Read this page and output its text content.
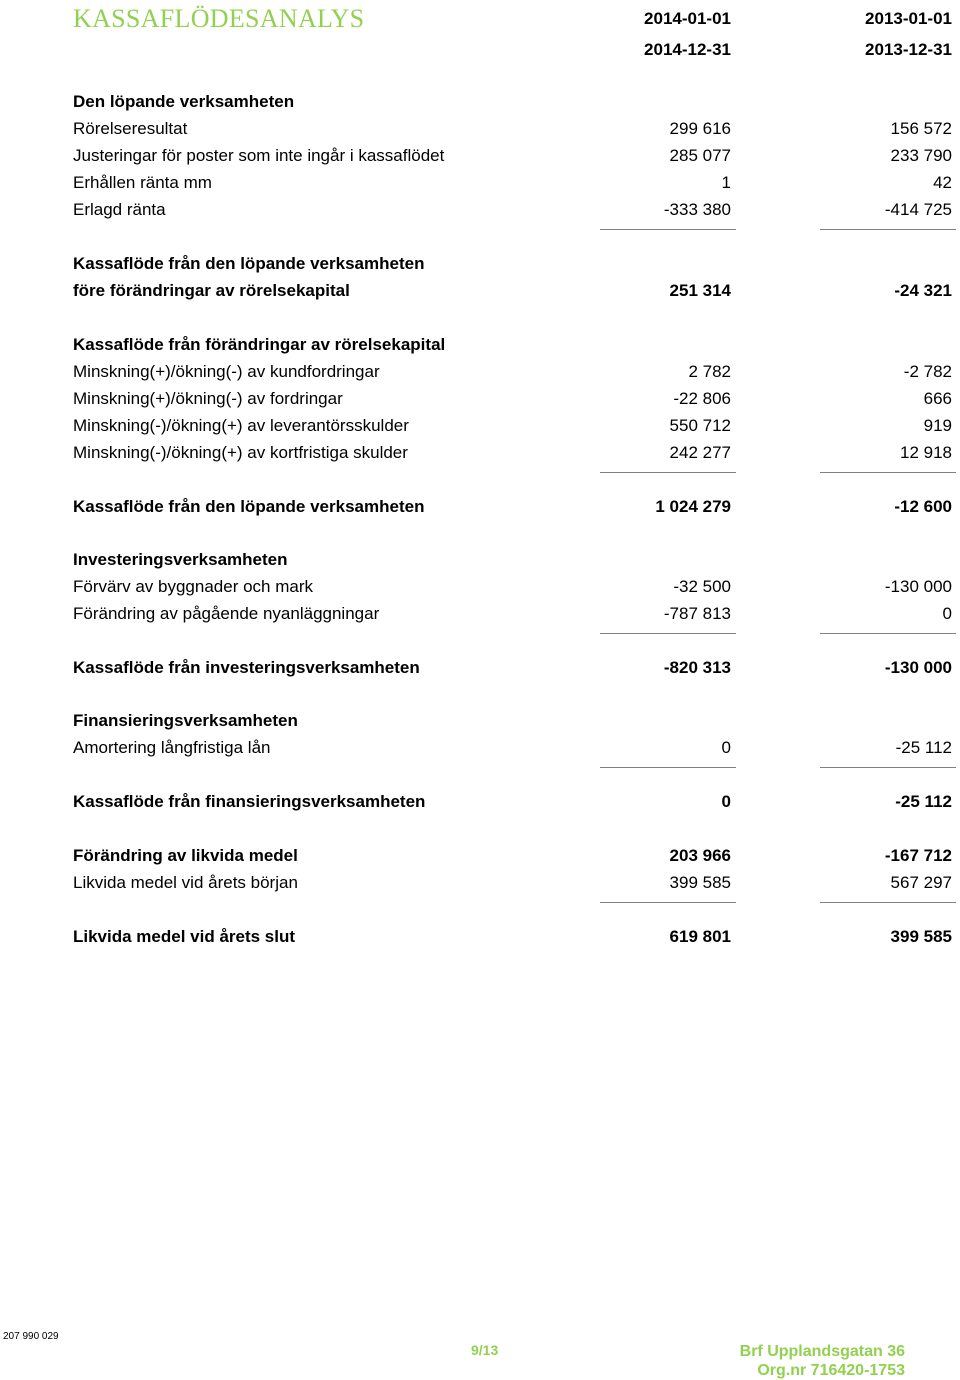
KASSAFLÖDESANALYS	2014-01-01	2013-01-01
2014-12-31	2013-12-31
Den löpande verksamheten
Rörelseresultat	299 616	156 572
Justeringar för poster som inte ingår i kassaflödet	285 077	233 790
Erhållen ränta mm	1	42
Erlagd ränta	-333 380	-414 725
Kassaflöde från den löpande verksamheten
före förändringar av rörelsekapital	251 314	-24 321
Kassaflöde från förändringar av rörelsekapital
Minskning(+)/ökning(-) av kundfordringar	2 782	-2 782
Minskning(+)/ökning(-) av fordringar	-22 806	666
Minskning(-)/ökning(+) av leverantörsskulder	550 712	919
Minskning(-)/ökning(+) av kortfristiga skulder	242 277	12 918
Kassaflöde från den löpande verksamheten	1 024 279	-12 600
Investeringsverksamheten
Förvärv av byggnader och mark	-32 500	-130 000
Förändring av pågående nyanläggningar	-787 813	0
Kassaflöde från investeringsverksamheten	-820 313	-130 000
Finansieringsverksamheten
Amortering långfristiga lån	0	-25 112
Kassaflöde från finansieringsverksamheten	0	-25 112
Förändring av likvida medel	203 966	-167 712
Likvida medel vid årets början	399 585	567 297
Likvida medel vid årets slut	619 801	399 585
207 990 029
9/13	Brf Upplandsgatan 36
Org.nr 716420-1753
